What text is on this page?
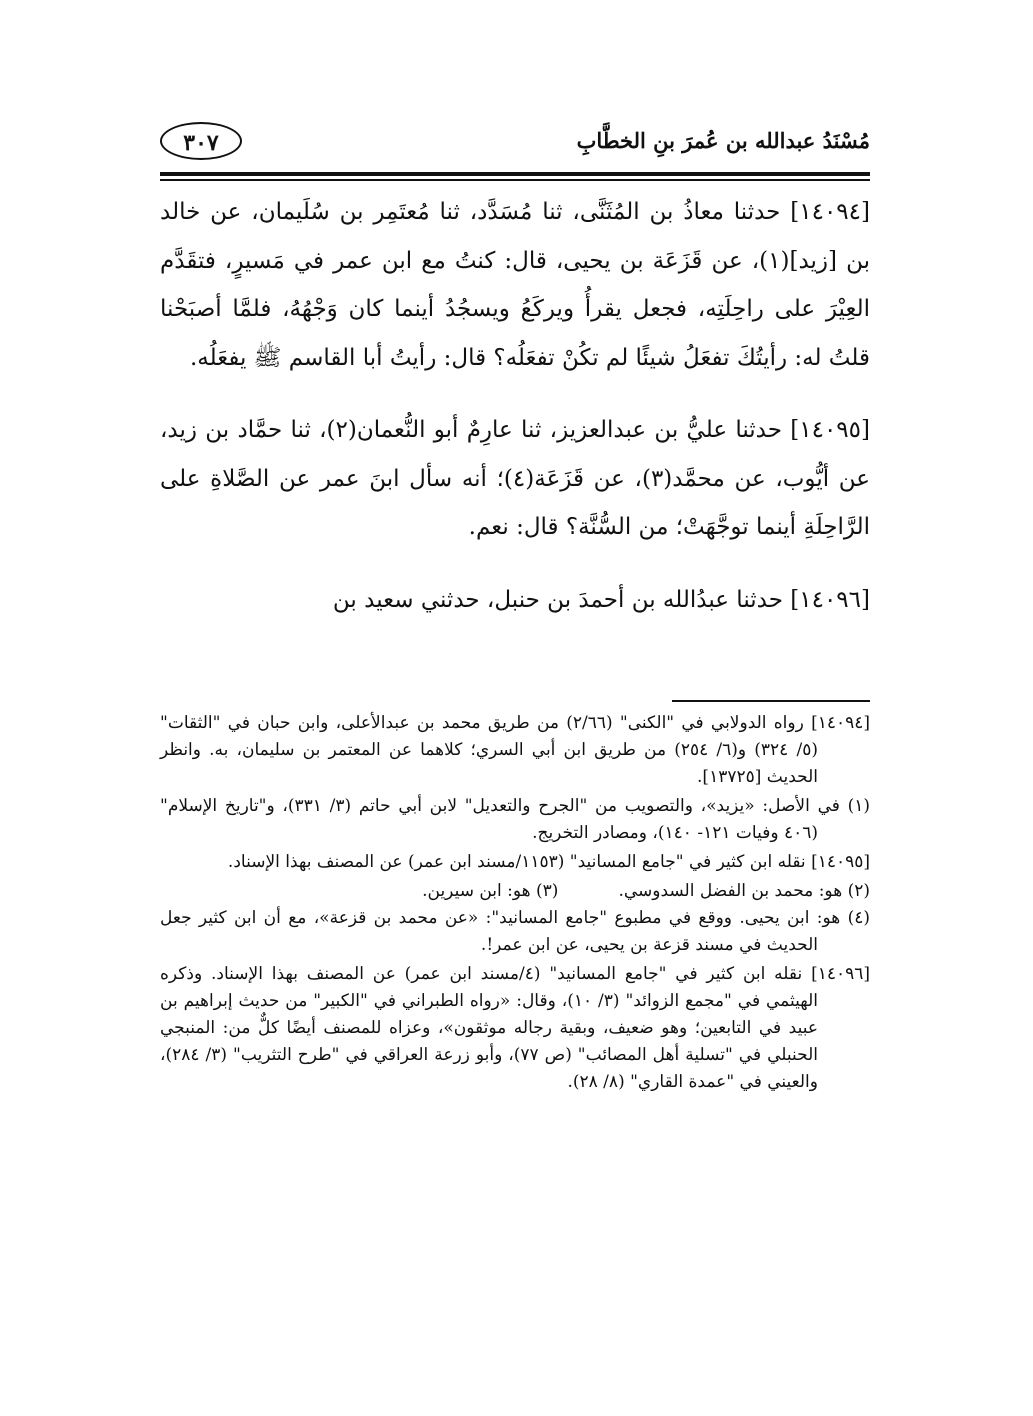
مُسْنَدُ عبدالله بن عُمرَ بنِ الخطَّابِ
٣٠٧

[١٤٠٩٤] حدثنا معاذُ بن المُثَنَّى، ثنا مُسَدَّد، ثنا مُعتَمِر بن سُلَيمان، عن خالد بن [زيد](١)، عن قَزَعَة بن يحيى، قال: كنتُ مع ابن عمر في مَسيرٍ، فتقَدَّم العِيْرَ على راحِلَتِه، فجعل يقرأُ ويركَعُ ويسجُدُ أينما كان وَجْهُهُ، فلمَّا أصبَحْنا قلتُ له: رأيتُكَ تفعَلُ شيئًا لم تكُنْ تفعَلُه؟ قال: رأيتُ أبا القاسم ﷺ يفعَلُه.

[١٤٠٩٥] حدثنا عليُّ بن عبدالعزيز، ثنا عارِمٌ أبو النُّعمان(٢)، ثنا حمَّاد بن زيد، عن أيُّوب، عن محمَّد(٣)، عن قَزَعَة(٤)؛ أنه سأل ابنَ عمر عن الصَّلاةِ على الرَّاحِلَةِ أينما توجَّهَتْ؛ من السُّنَّة؟ قال: نعم.

[١٤٠٩٦] حدثنا عبدُالله بن أحمدَ بن حنبل، حدثني سعيد بن

[١٤٠٩٤] رواه الدولابي في "الكنى" (٢/٦٦) من طريق محمد بن عبدالأعلى، وابن حبان في "الثقات" (٥/ ٣٢٤) و(٦/ ٢٥٤) من طريق ابن أبي السري؛ كلاهما عن المعتمر بن سليمان، به. وانظر الحديث [١٣٧٢٥].

(١) في الأصل: «يزيد»، والتصويب من "الجرح والتعديل" لابن أبي حاتم (٣/ ٣٣١)، و"تاريخ الإسلام" (٤٠٦ وفيات ١٢١- ١٤٠)، ومصادر التخريج.

[١٤٠٩٥] نقله ابن كثير في "جامع المسانيد" (١١٥٣/مسند ابن عمر) عن المصنف بهذا الإسناد.

(٢) هو: محمد بن الفضل السدوسي.
(٣) هو: ابن سيرين.

(٤) هو: ابن يحيى. ووقع في مطبوع "جامع المسانيد": «عن محمد بن قزعة»، مع أن ابن كثير جعل الحديث في مسند قزعة بن يحيى، عن ابن عمر!.

[١٤٠٩٦] نقله ابن كثير في "جامع المسانيد" (٤/مسند ابن عمر) عن المصنف بهذا الإسناد. وذكره الهيثمي في "مجمع الزوائد" (٣/ ١٠)، وقال: «رواه الطبراني في "الكبير" من حديث إبراهيم بن عبيد في التابعين؛ وهو ضعيف، وبقية رجاله موثقون»، وعزاه للمصنف أيضًا كلٌّ من: المنبجي الحنبلي في "تسلية أهل المصائب" (ص ٧٧)، وأبو زرعة العراقي في "طرح التثريب" (٣/ ٢٨٤)، والعيني في "عمدة القاري" (٨/ ٢٨).
